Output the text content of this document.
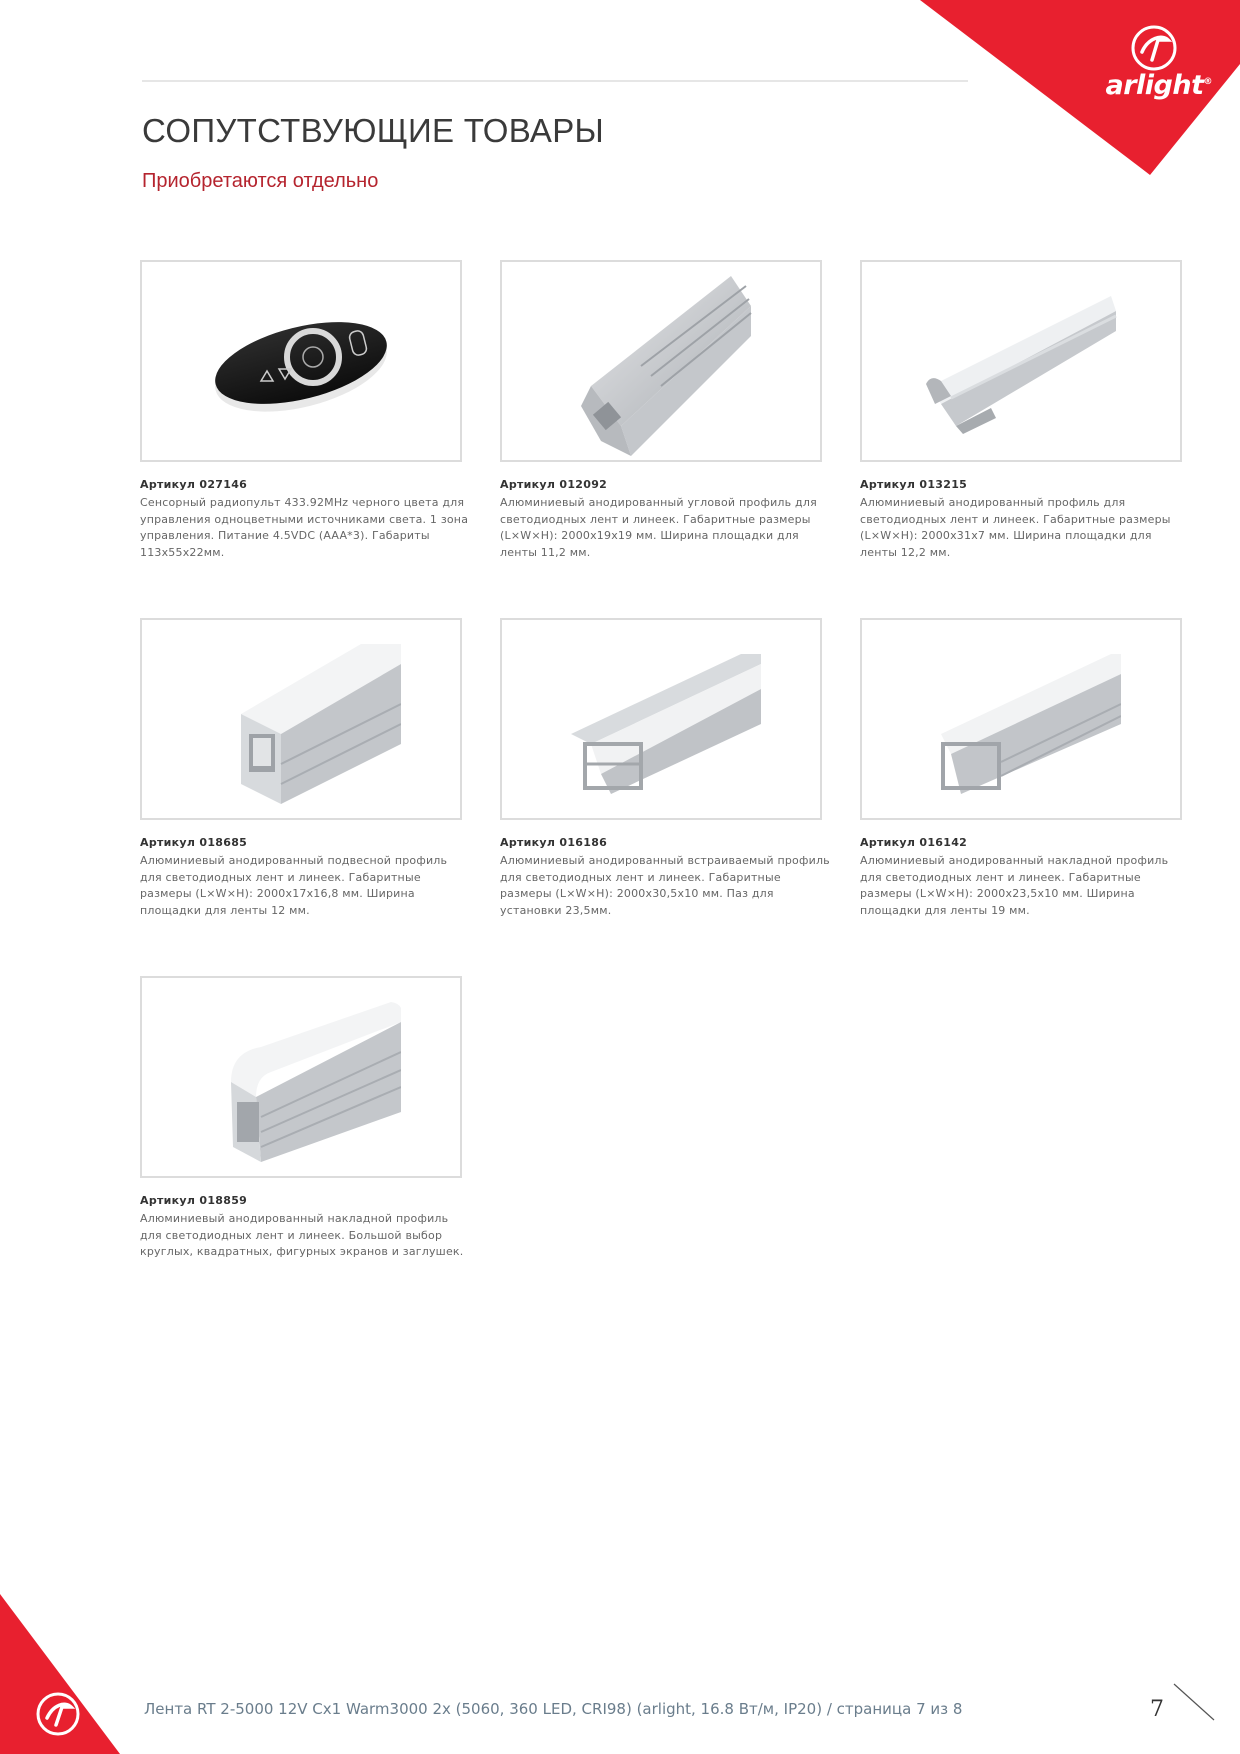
arlight®
СОПУТСТВУЮЩИЕ ТОВАРЫ
Приобретаются отдельно
Артикул 027146
Сенсорный радиопульт 433.92MHz черного цвета для управления одноцветными источниками света. 1 зона управления. Питание 4.5VDC (AAA*3). Габариты 113x55x22мм.
Артикул 012092
Алюминиевый анодированный угловой профиль для светодиодных лент и линеек. Габаритные размеры (L×W×H): 2000x19x19 мм. Ширина площадки для ленты 11,2 мм.
Артикул 013215
Алюминиевый анодированный профиль для светодиодных лент и линеек. Габаритные размеры (L×W×H): 2000x31x7 мм. Ширина площадки для ленты 12,2 мм.
Артикул 018685
Алюминиевый анодированный подвесной профиль для светодиодных лент и линеек. Габаритные размеры (L×W×H): 2000x17x16,8 мм. Ширина площадки для ленты 12 мм.
Артикул 016186
Алюминиевый анодированный встраиваемый профиль для светодиодных лент и линеек. Габаритные размеры (L×W×H): 2000x30,5x10 мм. Паз для установки 23,5мм.
Артикул 016142
Алюминиевый анодированный накладной профиль для светодиодных лент и линеек. Габаритные размеры (L×W×H): 2000x23,5x10 мм. Ширина площадки для ленты 19 мм.
Артикул 018859
Алюминиевый анодированный накладной профиль для светодиодных лент и линеек. Большой выбор круглых, квадратных, фигурных экранов и заглушек.
Лента RT 2-5000 12V Cx1 Warm3000 2x (5060, 360 LED, CRI98) (arlight, 16.8 Вт/м, IP20) / страница 7 из 8	7
